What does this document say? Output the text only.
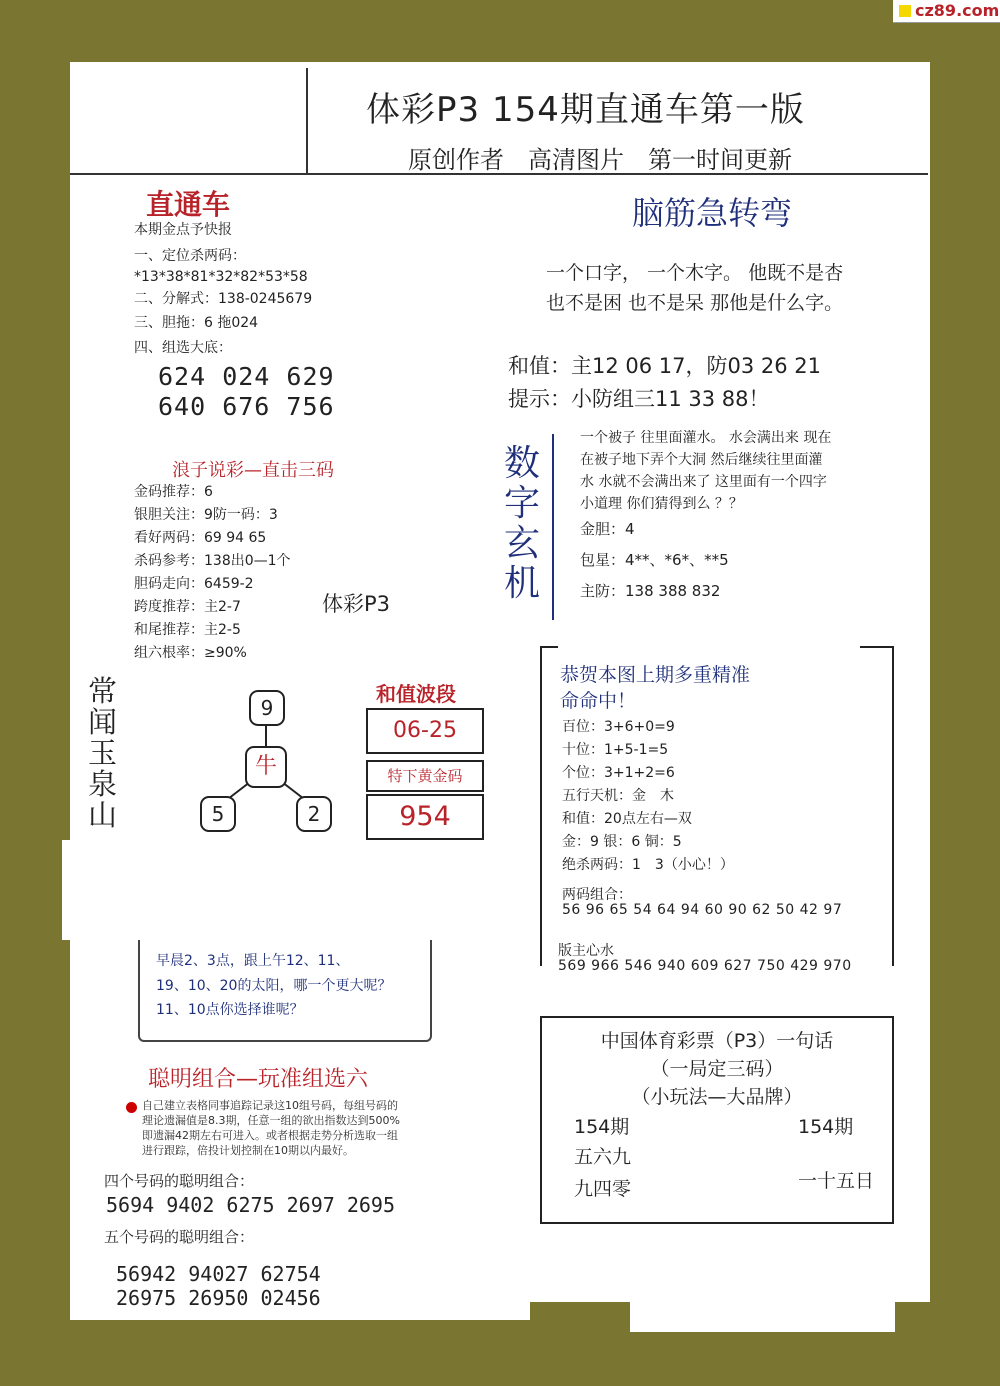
cz89.com
体彩P3 154期直通车第一版
原创作者　高清图片　第一时间更新
直通车
本期金点予快报
一、定位杀两码：
*13*38*81*32*82*53*58
二、分解式：138-0245679
三、胆拖：6 拖024
四、组选大底：
624 024 629
640 676 756
浪子说彩—直击三码
金码推荐：6
银胆关注：9防一码：3
看好两码：69 94 65
杀码参考：138出0—1个
胆码走向：6459-2
跨度推荐：主2-7
和尾推荐：主2-5
组六根率：≥90%
体彩P3
常闻玉泉山
9
牛
5	2
和值波段
06-25
特下黄金码
954
早晨2、3点，跟上午12、11、
19、10、20的太阳，哪一个更大呢？
11、10点你选择谁呢？
聪明组合—玩准组选六
自己建立表格同事追踪记录这10组号码，每组号码的
理论遗漏值是8.3期，任意一组的欲出指数达到500%
即遗漏42期左右可进入。或者根据走势分析选取一组
进行跟踪，倍投计划控制在10期以内最好。
四个号码的聪明组合：
5694 9402 6275 2697 2695
五个号码的聪明组合：
56942 94027 62754
26975 26950 02456
脑筋急转弯
一个口字， 一个木字。 他既不是杏
也不是困 也不是呆 那他是什么字。
和值：主12 06 17，防03 26 21
提示：小防组三11 33 88！
数字玄机
一个被子 往里面灌水。 水会满出来 现在
在被子地下弄个大洞 然后继续往里面灌
水 水就不会满出来了 这里面有一个四字
小道理 你们猜得到么 ？？
金胆：4
包星：4**、*6*、**5
主防：138 388 832
恭贺本图上期多重精准
命命中！
百位：3+6+0=9
十位：1+5-1=5
个位：3+1+2=6
五行天机：金　木
和值：20点左右—双
金：9 银：6 铜：5
绝杀两码：1　3（小心！）
两码组合：
56 96 65 54 64 94 60 90 62 50 42 97
版主心水
569 966 546 940 609 627 750 429 970
中国体育彩票（P3）一句话
（一局定三码）
（小玩法—大品牌）
154期	154期
五六九
九四零	一十五日
